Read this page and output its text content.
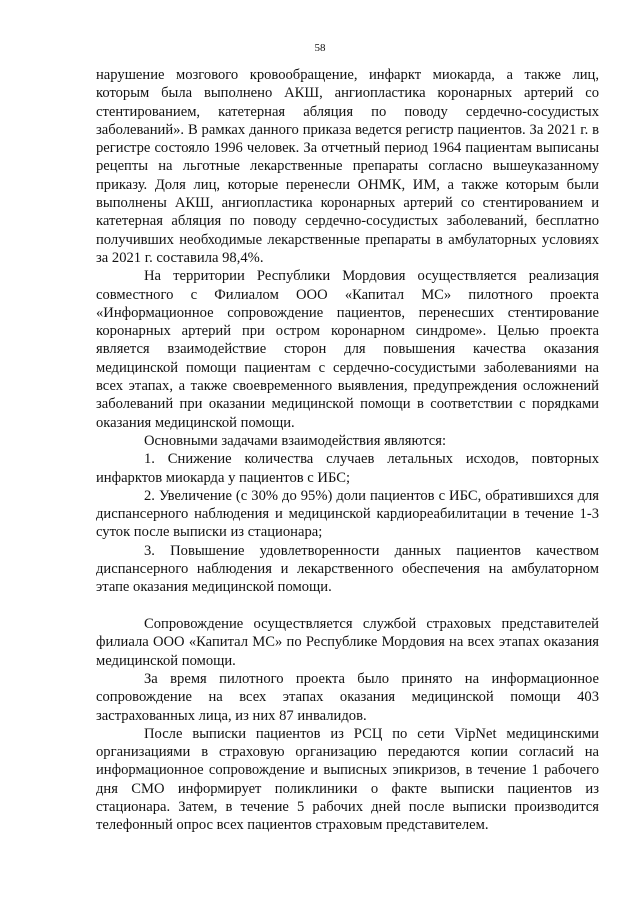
58

нарушение мозгового кровообращение, инфаркт миокарда, а также лиц, которым была выполнено АКШ, ангиопластика коронарных артерий со стентированием, катетерная абляция по поводу сердечно-сосудистых заболеваний». В рамках данного приказа ведется регистр пациентов. За 2021 г. в регистре состояло 1996 человек. За отчетный период 1964 пациентам выписаны рецепты на льготные лекарственные препараты согласно вышеуказанному приказу. Доля лиц, которые перенесли ОНМК, ИМ, а также которым были выполнены АКШ, ангиопластика коронарных артерий со стентированием и катетерная абляция по поводу сердечно-сосудистых заболеваний, бесплатно получивших необходимые лекарственные препараты в амбулаторных условиях за 2021 г. составила 98,4%.

На территории Республики Мордовия осуществляется реализация совместного с Филиалом ООО «Капитал МС» пилотного проекта «Информационное сопровождение пациентов, перенесших стентирование коронарных артерий при остром коронарном синдроме». Целью проекта является взаимодействие сторон для повышения качества оказания медицинской помощи пациентам с сердечно-сосудистыми заболеваниями на всех этапах, а также своевременного выявления, предупреждения осложнений заболеваний при оказании медицинской помощи в соответствии с порядками оказания медицинской помощи.

Основными задачами взаимодействия являются:

1. Снижение количества случаев летальных исходов, повторных инфарктов миокарда у пациентов с ИБС;

2. Увеличение (с 30% до 95%) доли пациентов с ИБС, обратившихся для диспансерного наблюдения и медицинской кардиореабилитации в течение 1-3 суток после выписки из стационара;

3. Повышение удовлетворенности данных пациентов качеством диспансерного наблюдения и лекарственного обеспечения на амбулаторном этапе оказания медицинской помощи.

Сопровождение осуществляется службой страховых представителей филиала ООО «Капитал МС» по Республике Мордовия на всех этапах оказания медицинской помощи.

За время пилотного проекта было принято на информационное сопровождение на всех этапах оказания медицинской помощи 403 застрахованных лица, из них 87 инвалидов.

После выписки пациентов из РСЦ по сети VipNet медицинскими организациями в страховую организацию передаются копии согласий на информационное сопровождение и выписных эпикризов, в течение 1 рабочего дня СМО информирует поликлиники о факте выписки пациентов из стационара. Затем, в течение 5 рабочих дней после выписки производится телефонный опрос всех пациентов страховым представителем.
